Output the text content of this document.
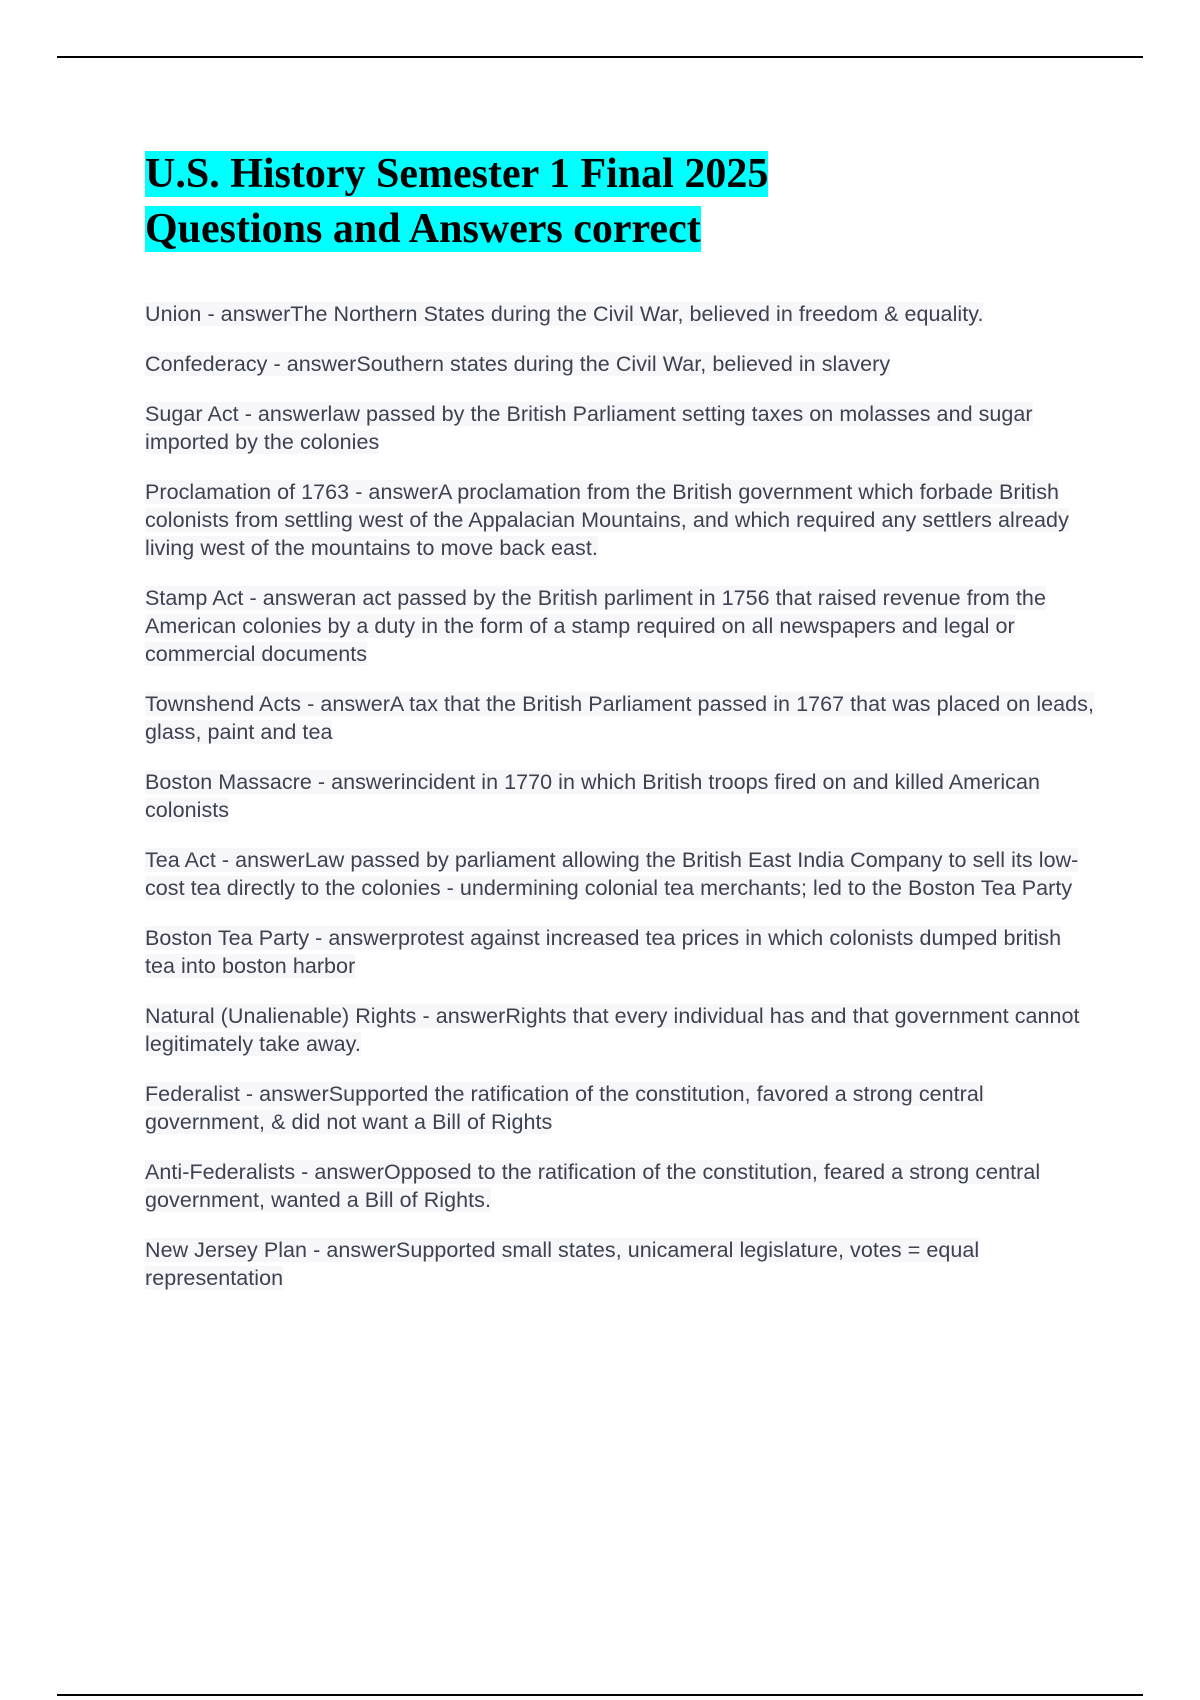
U.S. History Semester 1 Final 2025
Questions and Answers correct

Union - answerThe Northern States during the Civil War, believed in freedom & equality.

Confederacy - answerSouthern states during the Civil War, believed in slavery

Sugar Act - answerlaw passed by the British Parliament setting taxes on molasses and sugar imported by the colonies

Proclamation of 1763 - answerA proclamation from the British government which forbade British colonists from settling west of the Appalacian Mountains, and which required any settlers already living west of the mountains to move back east.

Stamp Act - answeran act passed by the British parliment in 1756 that raised revenue from the American colonies by a duty in the form of a stamp required on all newspapers and legal or commercial documents

Townshend Acts - answerA tax that the British Parliament passed in 1767 that was placed on leads, glass, paint and tea

Boston Massacre - answerincident in 1770 in which British troops fired on and killed American colonists

Tea Act - answerLaw passed by parliament allowing the British East India Company to sell its low-cost tea directly to the colonies - undermining colonial tea merchants; led to the Boston Tea Party

Boston Tea Party - answerprotest against increased tea prices in which colonists dumped british tea into boston harbor

Natural (Unalienable) Rights - answerRights that every individual has and that government cannot legitimately take away.

Federalist - answerSupported the ratification of the constitution, favored a strong central government, & did not want a Bill of Rights

Anti-Federalists - answerOpposed to the ratification of the constitution, feared a strong central government, wanted a Bill of Rights.

New Jersey Plan - answerSupported small states, unicameral legislature, votes = equal representation
